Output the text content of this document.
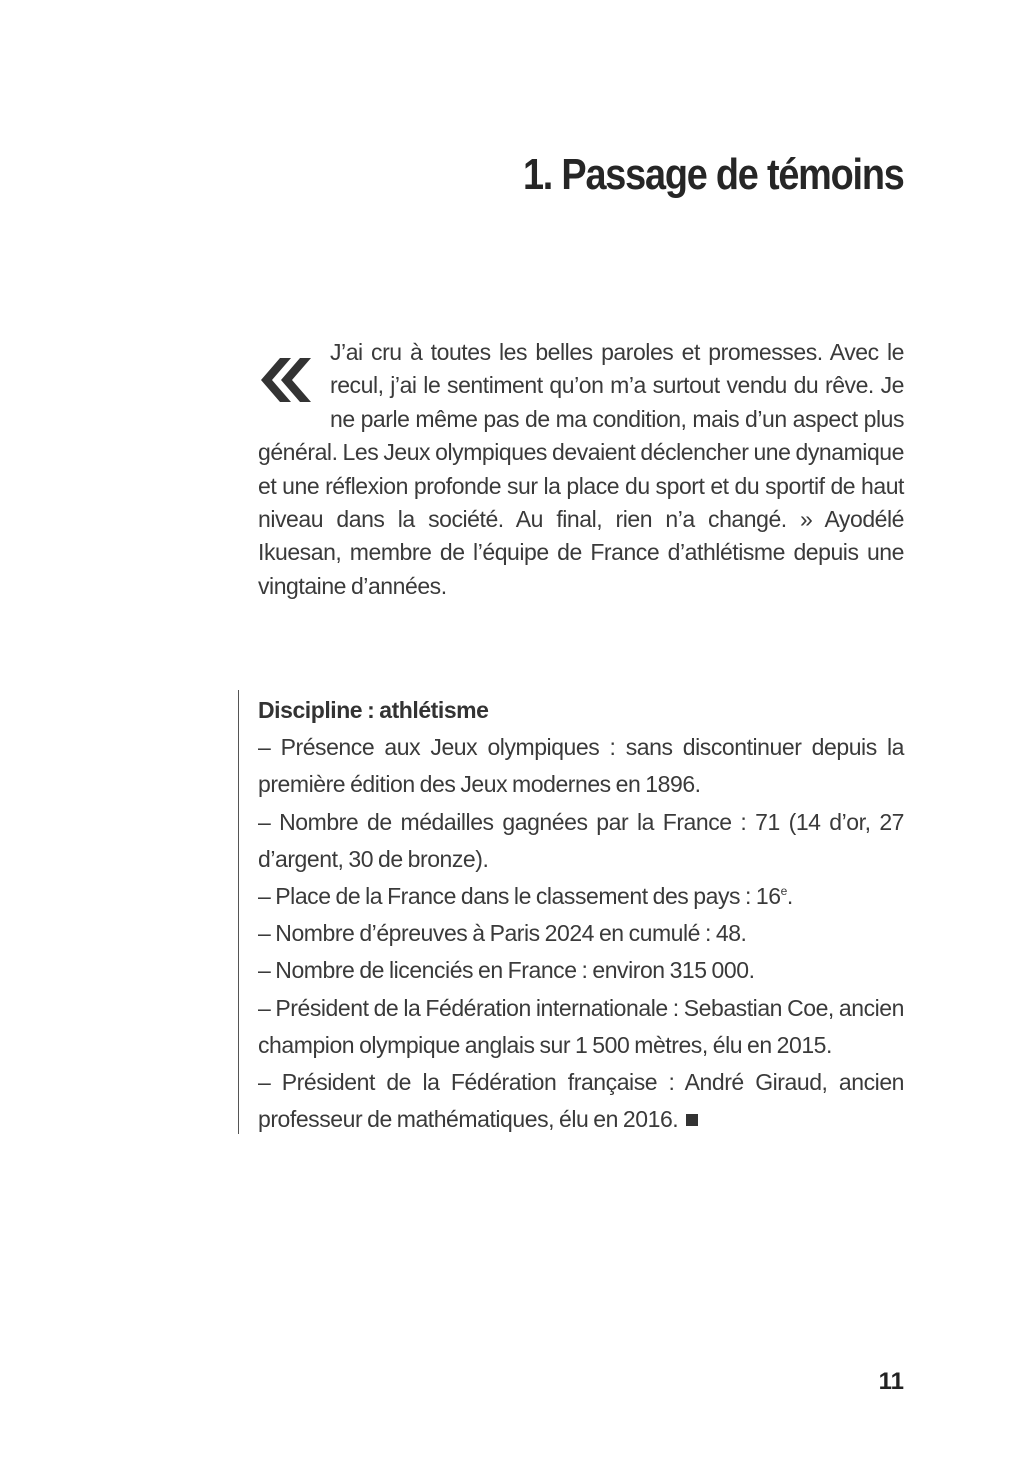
1. Passage de témoins
J’ai cru à toutes les belles paroles et promesses. Avec le recul, j’ai le sentiment qu’on m’a surtout vendu du rêve. Je ne parle même pas de ma condition, mais d’un aspect plus général. Les Jeux olympiques devaient déclencher une dynamique et une réflexion profonde sur la place du sport et du sportif de haut niveau dans la société. Au final, rien n’a changé. » Ayodélé Ikuesan, membre de l’équipe de France d’athlétisme depuis une vingtaine d’années.
Discipline : athlétisme
– Présence aux Jeux olympiques : sans discontinuer depuis la première édition des Jeux modernes en 1896.
– Nombre de médailles gagnées par la France : 71 (14 d’or, 27 d’argent, 30 de bronze).
– Place de la France dans le classement des pays : 16e.
– Nombre d’épreuves à Paris 2024 en cumulé : 48.
– Nombre de licenciés en France : environ 315 000.
– Président de la Fédération internationale : Sebastian Coe, ancien champion olympique anglais sur 1 500 mètres, élu en 2015.
– Président de la Fédération française : André Giraud, ancien professeur de mathématiques, élu en 2016.
11
